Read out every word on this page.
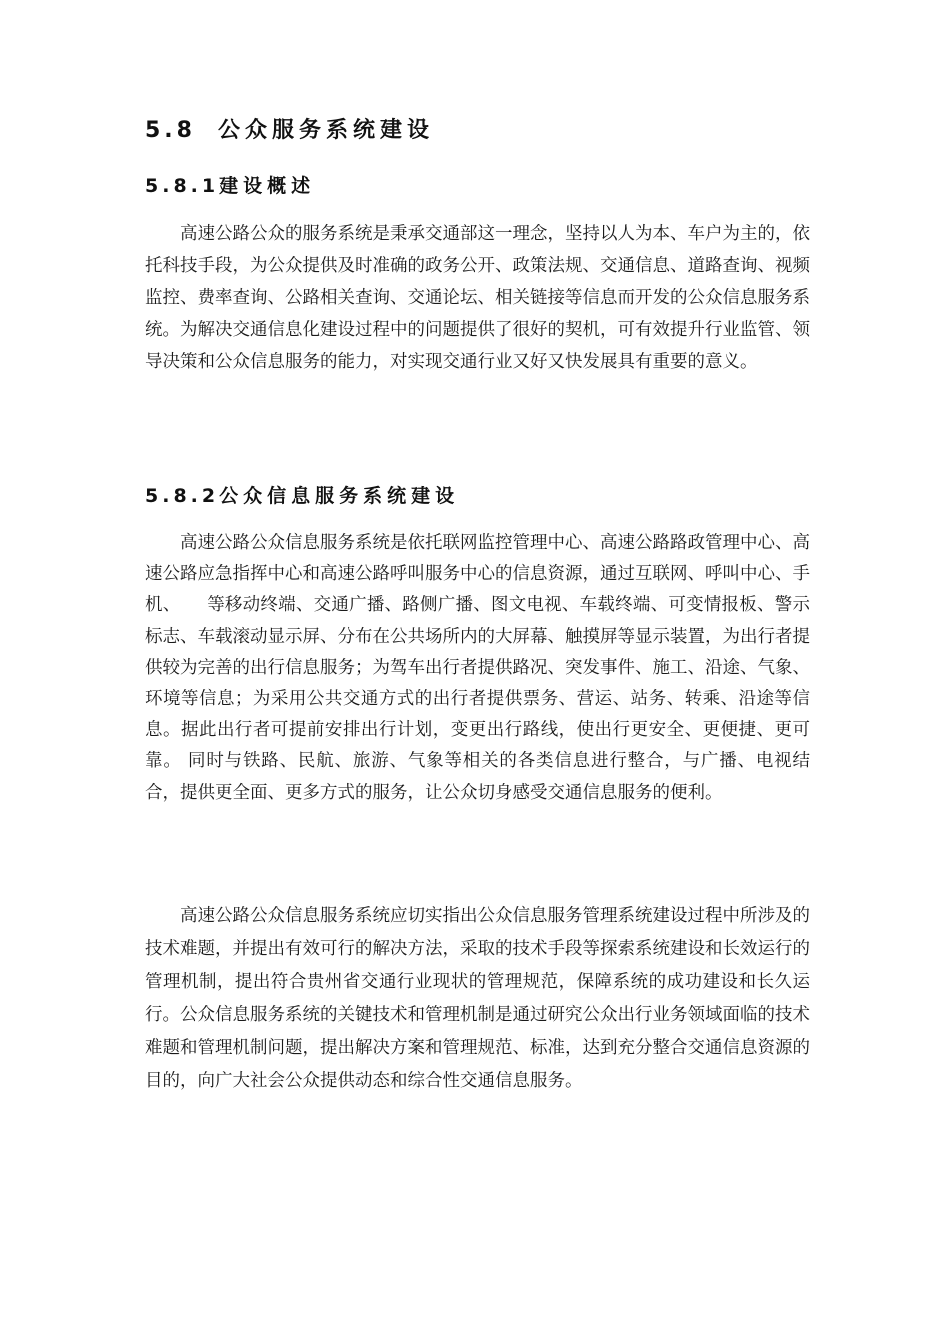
5.8 公众服务系统建设
5.8.1建设概述

高速公路公众的服务系统是秉承交通部这一理念，坚持以人为本、车户为主的，依托科技手段，为公众提供及时准确的政务公开、政策法规、交通信息、道路查询、视频监控、费率查询、公路相关查询、交通论坛、相关链接等信息而开发的公众信息服务系统。为解决交通信息化建设过程中的问题提供了很好的契机，可有效提升行业监管、领导决策和公众信息服务的能力，对实现交通行业又好又快发展具有重要的意义。

5.8.2公众信息服务系统建设

高速公路公众信息服务系统是依托联网监控管理中心、高速公路路政管理中心、高速公路应急指挥中心和高速公路呼叫服务中心的信息资源，通过互联网、呼叫中心、手机、　　等移动终端、交通广播、路侧广播、图文电视、车载终端、可变情报板、警示标志、车载滚动显示屏、分布在公共场所内的大屏幕、触摸屏等显示装置，为出行者提供较为完善的出行信息服务；为驾车出行者提供路况、突发事件、施工、沿途、气象、环境等信息；为采用公共交通方式的出行者提供票务、营运、站务、转乘、沿途等信息。据此出行者可提前安排出行计划，变更出行路线，使出行更安全、更便捷、更可靠。 同时与铁路、民航、旅游、气象等相关的各类信息进行整合，与广播、电视结合，提供更全面、更多方式的服务，让公众切身感受交通信息服务的便利。

高速公路公众信息服务系统应切实指出公众信息服务管理系统建设过程中所涉及的技术难题，并提出有效可行的解决方法，采取的技术手段等探索系统建设和长效运行的管理机制，提出符合贵州省交通行业现状的管理规范，保障系统的成功建设和长久运行。公众信息服务系统的关键技术和管理机制是通过研究公众出行业务领域面临的技术难题和管理机制问题，提出解决方案和管理规范、标准，达到充分整合交通信息资源的目的，向广大社会公众提供动态和综合性交通信息服务。
